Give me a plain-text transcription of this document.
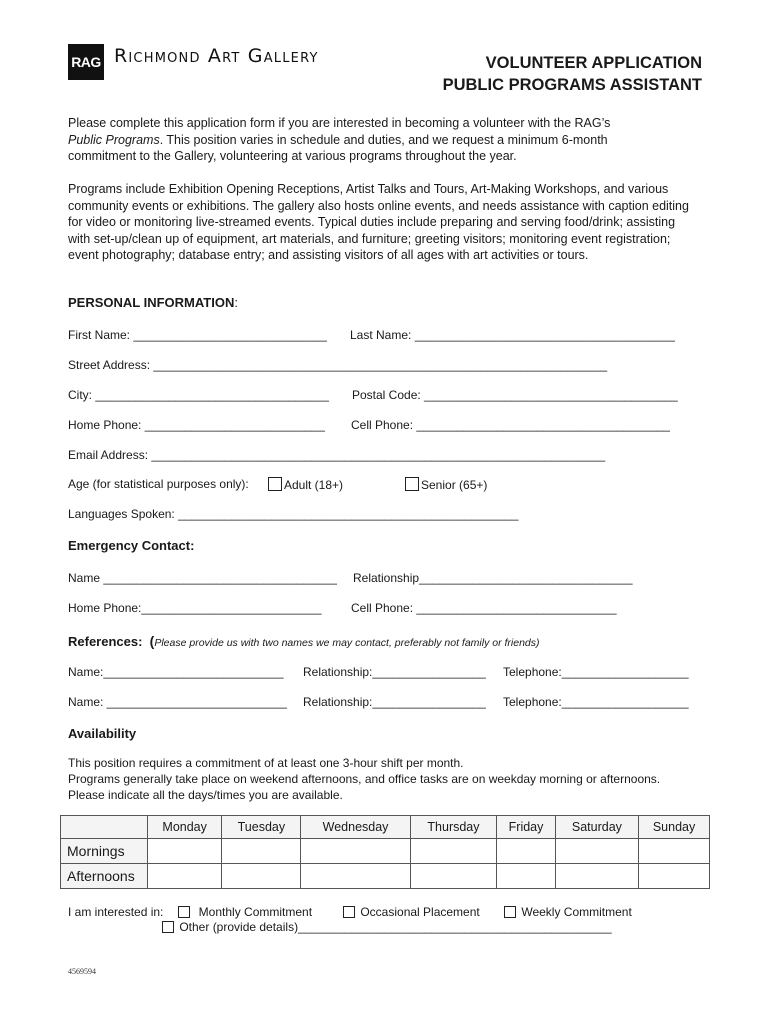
RAG Richmond Art Gallery	VOLUNTEER APPLICATION
PUBLIC PROGRAMS ASSISTANT
Please complete this application form if you are interested in becoming a volunteer with the RAG’s
Public Programs. This position varies in schedule and duties, and we request a minimum 6-month
commitment to the Gallery, volunteering at various programs throughout the year.
Programs include Exhibition Opening Receptions, Artist Talks and Tours, Art-Making Workshops, and various community events or exhibitions. The gallery also hosts online events, and needs assistance with caption editing for video or monitoring live-streamed events. Typical duties include preparing and serving food/drink; assisting with set-up/clean up of equipment, art materials, and furniture; greeting visitors; monitoring event registration; event photography; database entry; and assisting visitors of all ages with art activities or tours.
PERSONAL INFORMATION:
First Name: _____________________________ Last Name: _______________________________________
Street Address: ____________________________________________________________________
City: ___________________________________ Postal Code: ______________________________________
Home Phone: ___________________________ Cell Phone: ______________________________________
Email Address: ____________________________________________________________________
Age (for statistical purposes only):	Adult (18+)	Senior (65+)
Languages Spoken: ___________________________________________________
Emergency Contact:
Name ___________________________________ Relationship________________________________
Home Phone:___________________________ Cell Phone: ______________________________
References: (Please provide us with two names we may contact, preferably not family or friends)
Name:___________________________ Relationship:_________________ Telephone:___________________
Name: ___________________________ Relationship:_________________ Telephone:___________________
Availability
This position requires a commitment of at least one 3-hour shift per month.
Programs generally take place on weekend afternoons, and office tasks are on weekday morning or afternoons.
Please indicate all the days/times you are available.
	Monday	Tuesday	Wednesday	Thursday	Friday	Saturday	Sunday
Mornings							
Afternoons							
I am interested in:	Monthly Commitment	Occasional Placement	Weekly Commitment
Other (provide details)_______________________________________________
4569594
